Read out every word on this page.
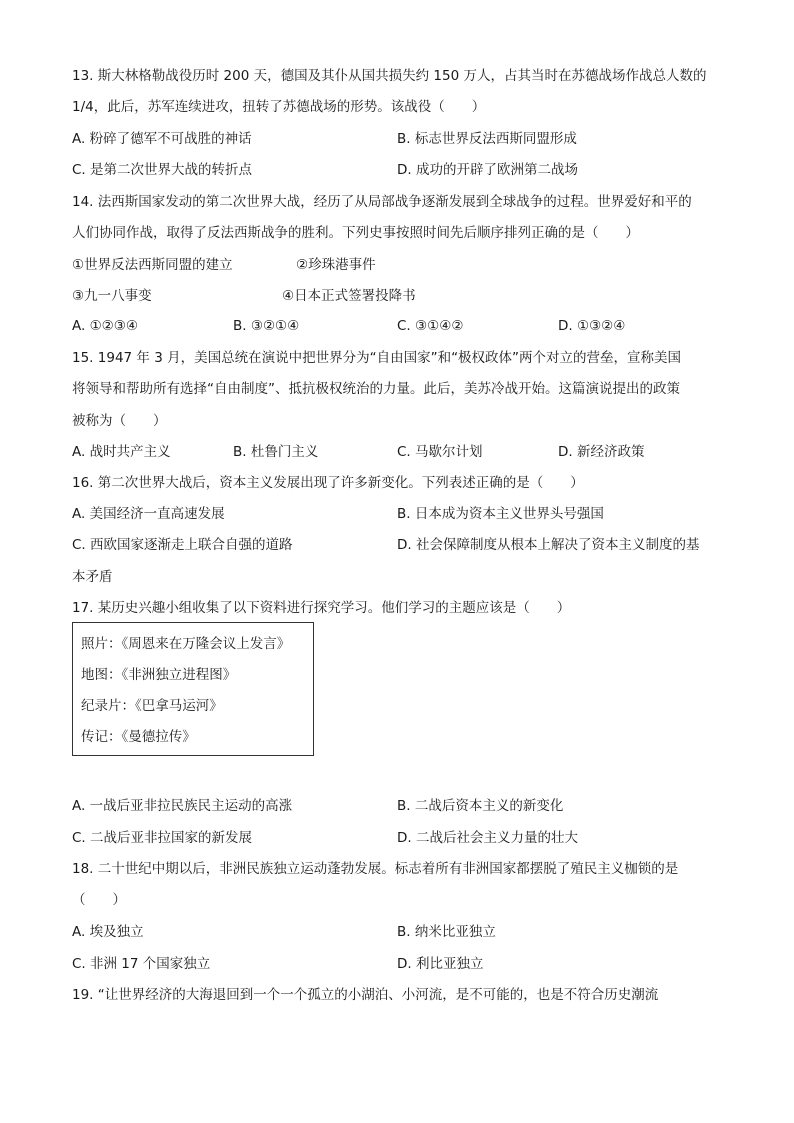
13. 斯大林格勒战役历时 200 天，德国及其仆从国共损失约 150 万人，占其当时在苏德战场作战总人数的
1/4，此后，苏军连续进攻，扭转了苏德战场的形势。该战役（　　）
A. 粉碎了德军不可战胜的神话	B. 标志世界反法西斯同盟形成
C. 是第二次世界大战的转折点	D. 成功的开辟了欧洲第二战场
14. 法西斯国家发动的第二次世界大战，经历了从局部战争逐渐发展到全球战争的过程。世界爱好和平的
人们协同作战，取得了反法西斯战争的胜利。下列史事按照时间先后顺序排列正确的是（　　）
①世界反法西斯同盟的建立	②珍珠港事件
③九一八事变	④日本正式签署投降书
A. ①②③④	B. ③②①④	C. ③①④②	D. ①③②④
15. 1947 年 3 月，美国总统在演说中把世界分为“自由国家”和“极权政体”两个对立的营垒，宣称美国
将领导和帮助所有选择“自由制度”、抵抗极权统治的力量。此后，美苏冷战开始。这篇演说提出的政策
被称为（　　）
A. 战时共产主义	B. 杜鲁门主义	C. 马歇尔计划	D. 新经济政策
16. 第二次世界大战后，资本主义发展出现了许多新变化。下列表述正确的是（　　）
A. 美国经济一直高速发展	B. 日本成为资本主义世界头号强国
C. 西欧国家逐渐走上联合自强的道路	D. 社会保障制度从根本上解决了资本主义制度的基
本矛盾
17. 某历史兴趣小组收集了以下资料进行探究学习。他们学习的主题应该是（　　）
照片：《周恩来在万隆会议上发言》
地图：《非洲独立进程图》
纪录片：《巴拿马运河》
传记：《曼德拉传》
A. 一战后亚非拉民族民主运动的高涨	B. 二战后资本主义的新变化
C. 二战后亚非拉国家的新发展	D. 二战后社会主义力量的壮大
18. 二十世纪中期以后，非洲民族独立运动蓬勃发展。标志着所有非洲国家都摆脱了殖民主义枷锁的是
（　　）
A. 埃及独立	B. 纳米比亚独立
C. 非洲 17 个国家独立	D. 利比亚独立
19. “让世界经济的大海退回到一个一个孤立的小湖泊、小河流，是不可能的，也是不符合历史潮流
